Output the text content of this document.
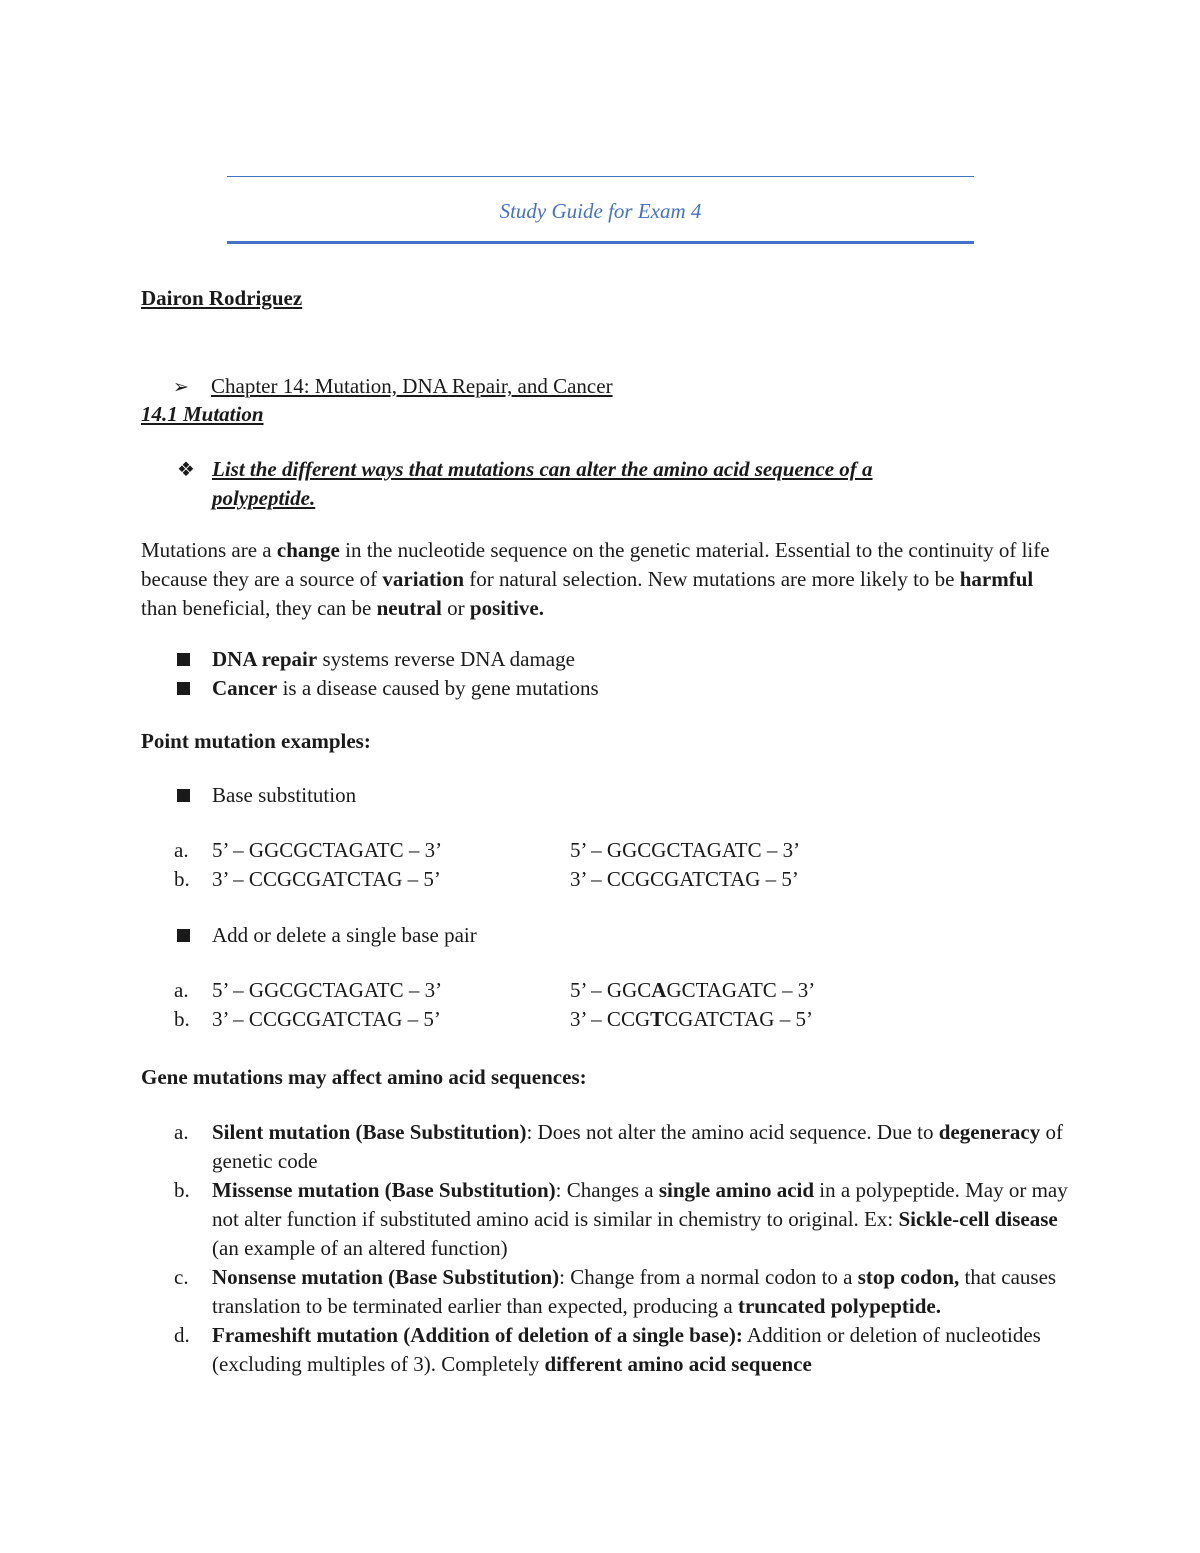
Study Guide for Exam 4
Dairon Rodriguez
➢ Chapter 14: Mutation, DNA Repair, and Cancer
14.1 Mutation
❖ List the different ways that mutations can alter the amino acid sequence of a polypeptide.
Mutations are a change in the nucleotide sequence on the genetic material. Essential to the continuity of life because they are a source of variation for natural selection. New mutations are more likely to be harmful than beneficial, they can be neutral or positive.
DNA repair systems reverse DNA damage
Cancer is a disease caused by gene mutations
Point mutation examples:
Base substitution
a. 5’ – GGCGCTAGATC – 3’	5’ – GGCGCTAGATC – 3’
b. 3’ – CCGCGATCTAG – 5’	3’ – CCGCGATCTAG – 5’
Add or delete a single base pair
a. 5’ – GGCGCTAGATC – 3’	5’ – GGCAGCTAGATC – 3’
b. 3’ – CCGCGATCTAG – 5’	3’ – CCGTCGATCTAG – 5’
Gene mutations may affect amino acid sequences:
a. Silent mutation (Base Substitution): Does not alter the amino acid sequence. Due to degeneracy of genetic code
b. Missense mutation (Base Substitution): Changes a single amino acid in a polypeptide. May or may not alter function if substituted amino acid is similar in chemistry to original. Ex: Sickle-cell disease (an example of an altered function)
c. Nonsense mutation (Base Substitution): Change from a normal codon to a stop codon, that causes translation to be terminated earlier than expected, producing a truncated polypeptide.
d. Frameshift mutation (Addition of deletion of a single base): Addition or deletion of nucleotides (excluding multiples of 3). Completely different amino acid sequence
